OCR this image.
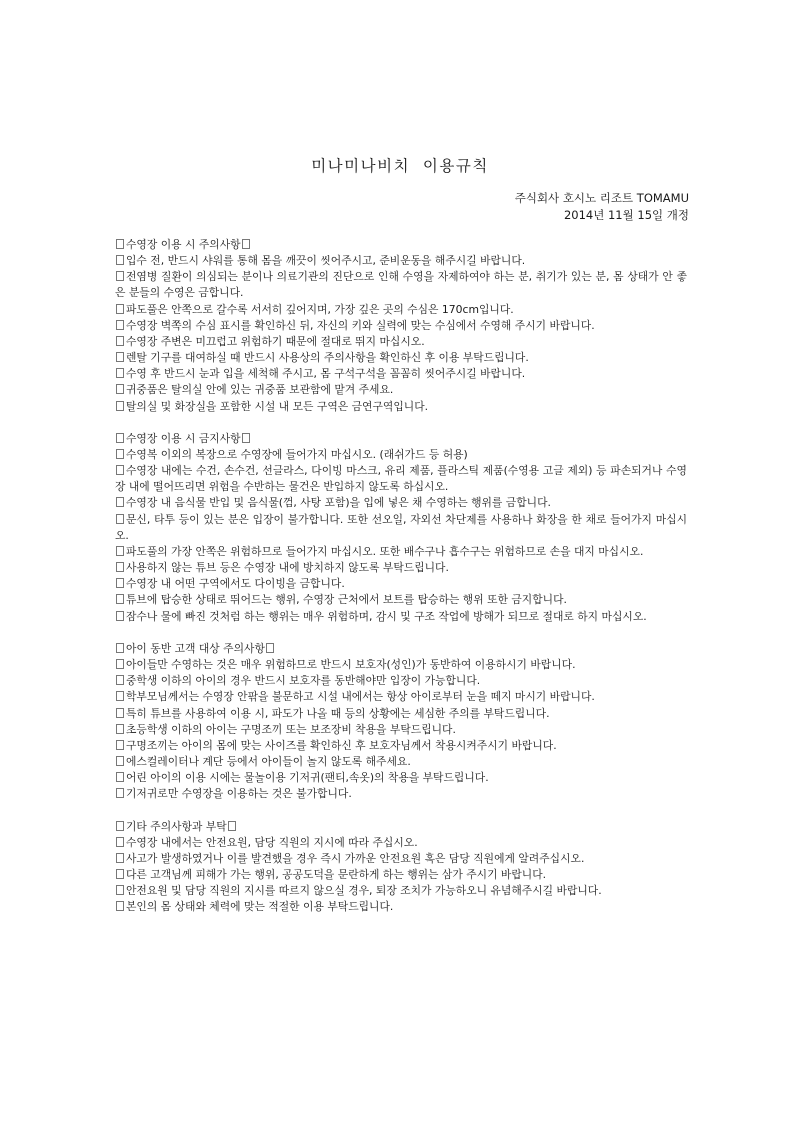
미나미나비치  이용규칙
주식회사 호시노 리조트 TOMAMU
2014년 11월 15일 개정

수영장 이용 시 주의사항

입수 전, 반드시 샤워를 통해 몸을 깨끗이 씻어주시고, 준비운동을 해주시길 바랍니다.

전염병 질환이 의심되는 분이나 의료기관의 진단으로 인해 수영을 자제하여야 하는 분, 취기가 있는 분, 몸 상태가 안 좋은 분들의 수영은 금합니다.

파도풀은 안쪽으로 갈수록 서서히 깊어지며, 가장 깊은 곳의 수심은 170cm입니다.

수영장 벽쪽의 수심 표시를 확인하신 뒤, 자신의 키와 실력에 맞는 수심에서 수영해 주시기 바랍니다.

수영장 주변은 미끄럽고 위험하기 때문에 절대로 뛰지 마십시오.

렌탈 기구를 대여하실 때 반드시 사용상의 주의사항을 확인하신 후 이용 부탁드립니다.

수영 후 반드시 눈과 입을 세척해 주시고, 몸 구석구석을 꼼꼼히 씻어주시길 바랍니다.

귀중품은 탈의실 안에 있는 귀중품 보관함에 맡겨 주세요.

탈의실 및 화장실을 포함한 시설 내 모든 구역은 금연구역입니다.

수영장 이용 시 금지사항

수영복 이외의 복장으로 수영장에 들어가지 마십시오. (래쉬가드 등 허용)

수영장 내에는 수건, 손수건, 선글라스, 다이빙 마스크, 유리 제품, 플라스틱 제품(수영용 고글 제외) 등 파손되거나 수영장 내에 떨어뜨리면 위험을 수반하는 물건은 반입하지 않도록 하십시오.

수영장 내 음식물 반입 및 음식물(껌, 사탕 포함)을 입에 넣은 채 수영하는 행위를 금합니다.

문신, 타투 등이 있는 분은 입장이 불가합니다. 또한 선오일, 자외선 차단제를 사용하나 화장을 한 채로 들어가지 마십시오.

파도풀의 가장 안쪽은 위험하므로 들어가지 마십시오. 또한 배수구나 흡수구는 위험하므로 손을 대지 마십시오.

사용하지 않는 튜브 등은 수영장 내에 방치하지 않도록 부탁드립니다.

수영장 내 어떤 구역에서도 다이빙을 금합니다.

튜브에 탑승한 상태로 뛰어드는 행위, 수영장 근처에서 보트를 탑승하는 행위 또한 금지합니다.

잠수나 물에 빠진 것처럼 하는 행위는 매우 위험하며, 감시 및 구조 작업에 방해가 되므로 절대로 하지 마십시오.

아이 동반 고객 대상 주의사항

아이들만 수영하는 것은 매우 위험하므로 반드시 보호자(성인)가 동반하여 이용하시기 바랍니다.

중학생 이하의 아이의 경우 반드시 보호자를 동반해야만 입장이 가능합니다.

학부모님께서는 수영장 안팎을 불문하고 시설 내에서는 항상 아이로부터 눈을 떼지 마시기 바랍니다.

특히 튜브를 사용하여 이용 시, 파도가 나올 때 등의 상황에는 세심한 주의를 부탁드립니다.

초등학생 이하의 아이는 구명조끼 또는 보조장비 착용을 부탁드립니다.

구명조끼는 아이의 몸에 맞는 사이즈를 확인하신 후 보호자님께서 착용시켜주시기 바랍니다.

에스컬레이터나 계단 등에서 아이들이 놀지 않도록 해주세요.

어린 아이의 이용 시에는 물놀이용 기저귀(팬티,속옷)의 착용을 부탁드립니다.

기저귀로만 수영장을 이용하는 것은 불가합니다.

기타 주의사항과 부탁

수영장 내에서는 안전요원, 담당 직원의 지시에 따라 주십시오.

사고가 발생하였거나 이를 발견했을 경우 즉시 가까운 안전요원 혹은 담당 직원에게 알려주십시오.

다른 고객님께 피해가 가는 행위, 공공도덕을 문란하게 하는 행위는 삼가 주시기 바랍니다.

안전요원 및 담당 직원의 지시를 따르지 않으실 경우, 퇴장 조치가 가능하오니 유념해주시길 바랍니다.

본인의 몸 상태와 체력에 맞는 적절한 이용 부탁드립니다.
